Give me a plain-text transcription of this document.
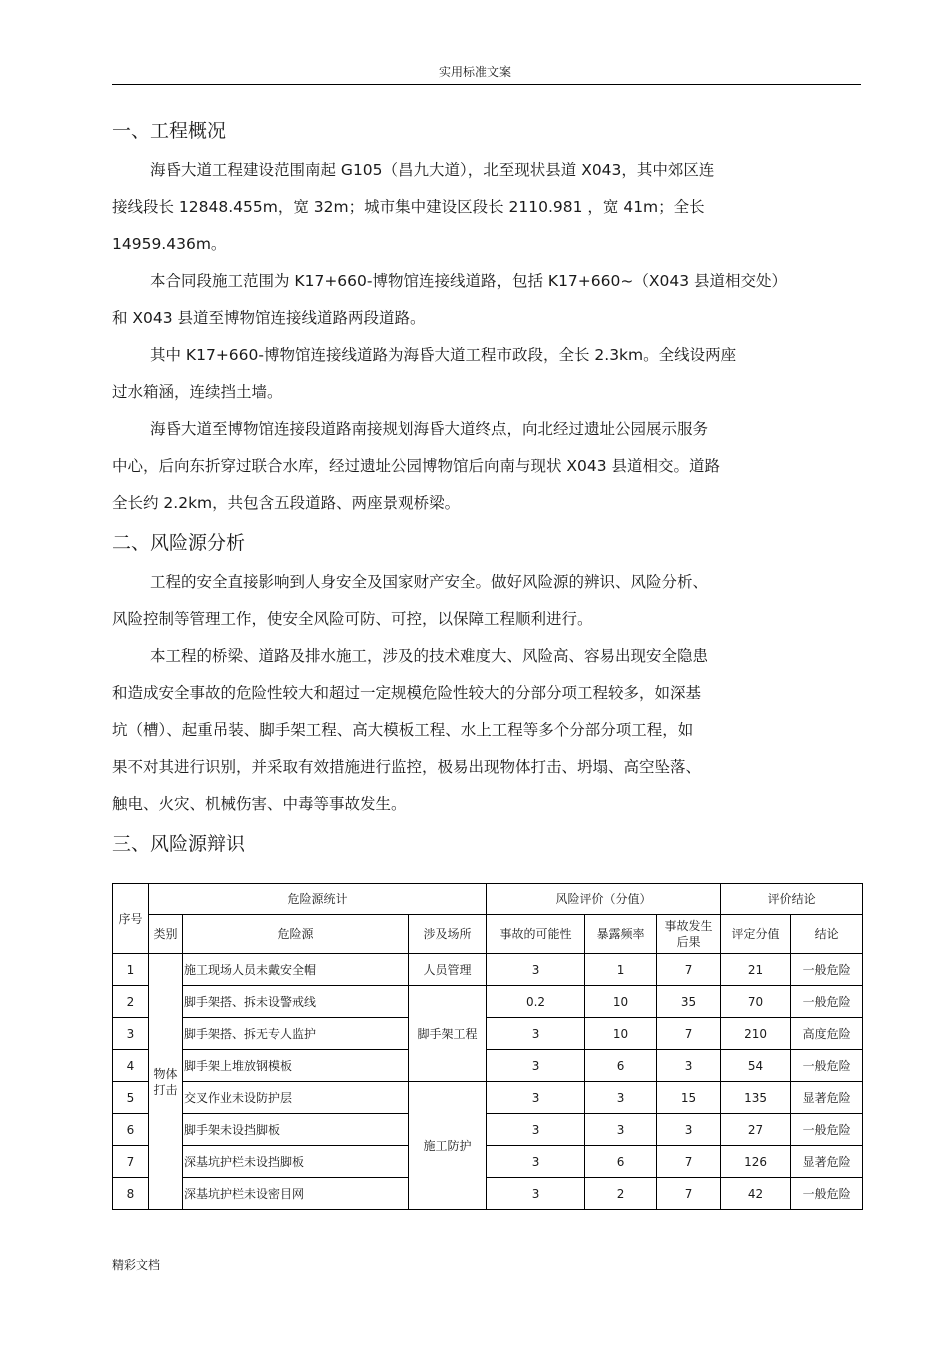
实用标准文案
一、工程概况

海昏大道工程建设范围南起 G105（昌九大道），北至现状县道 X043，其中郊区连
接线段长 12848.455m，宽 32m；城市集中建设区段长 2110.981 ，宽 41m；全长
14959.436m。

本合同段施工范围为 K17+660-博物馆连接线道路，包括 K17+660~（X043 县道相交处）
和 X043 县道至博物馆连接线道路两段道路。

其中 K17+660-博物馆连接线道路为海昏大道工程市政段，全长 2.3km。全线设两座
过水箱涵，连续挡土墙。

海昏大道至博物馆连接段道路南接规划海昏大道终点，向北经过遗址公园展示服务
中心，后向东折穿过联合水库，经过遗址公园博物馆后向南与现状 X043 县道相交。道路
全长约 2.2km，共包含五段道路、两座景观桥梁。

二、风险源分析

工程的安全直接影响到人身安全及国家财产安全。做好风险源的辨识、风险分析、
风险控制等管理工作，使安全风险可防、可控，以保障工程顺利进行。

本工程的桥梁、道路及排水施工，涉及的技术难度大、风险高、容易出现安全隐患
和造成安全事故的危险性较大和超过一定规模危险性较大的分部分项工程较多，如深基
坑（槽）、起重吊装、脚手架工程、高大模板工程、水上工程等多个分部分项工程，如
果不对其进行识别，并采取有效措施进行监控，极易出现物体打击、坍塌、高空坠落、
触电、火灾、机械伤害、中毒等事故发生。

三、风险源辩识
序号	危险源统计			风险评价（分值）			评价结论	
	类别	危险源	涉及场所	事故的可能性	暴露频率	事故发生后果	评定分值	结论
1	物体打击	施工现场人员未戴安全帽	人员管理	3	1	7	21	一般危险
2		脚手架搭、拆未设警戒线	脚手架工程	0.2	10	35	70	一般危险
3		脚手架搭、拆无专人监护		3	10	7	210	高度危险
4		脚手架上堆放钢模板		3	6	3	54	一般危险
5		交叉作业未设防护层	施工防护	3	3	15	135	显著危险
6		脚手架未设挡脚板		3	3	3	27	一般危险
7		深基坑护栏未设挡脚板		3	6	7	126	显著危险
8		深基坑护栏未设密目网		3	2	7	42	一般危险
精彩文档
